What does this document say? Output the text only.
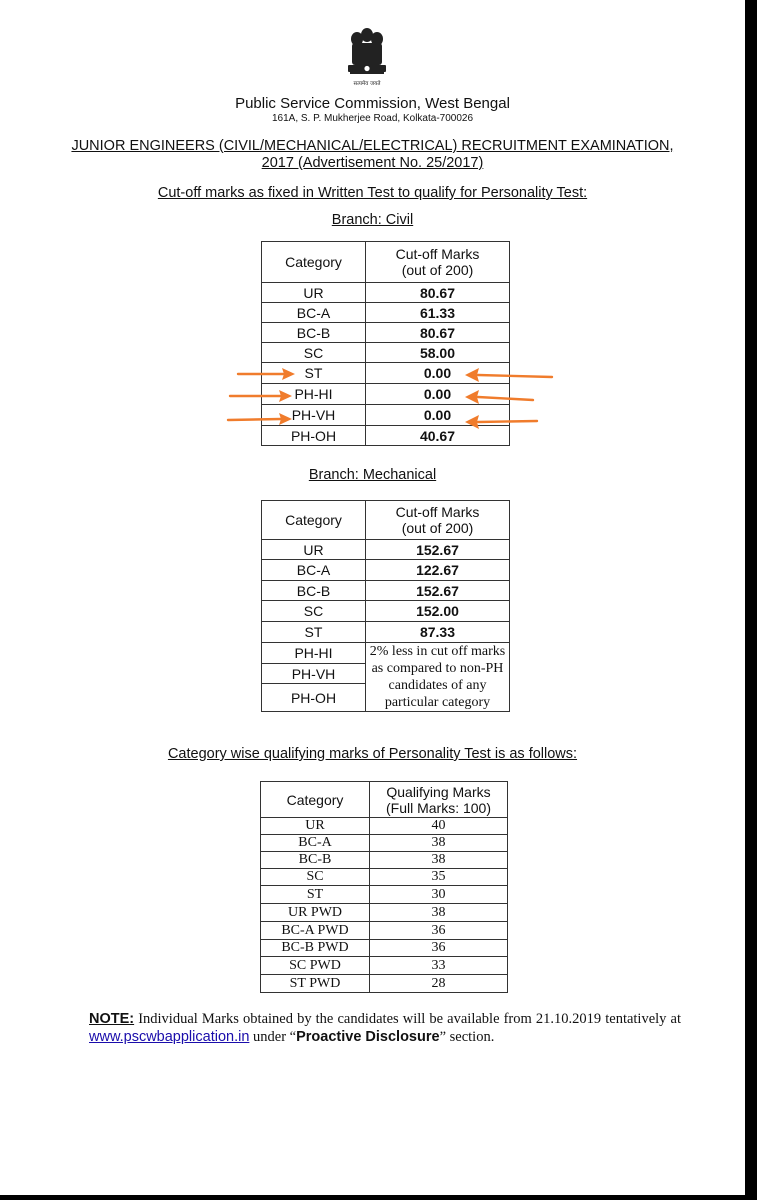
सत्यमेव जयते
Public Service Commission, West Bengal
161A, S. P. Mukherjee Road, Kolkata-700026
JUNIOR ENGINEERS (CIVIL/MECHANICAL/ELECTRICAL) RECRUITMENT EXAMINATION,
2017 (Advertisement No. 25/2017)
Cut-off marks as fixed in Written Test to qualify for Personality Test:
Branch: Civil
Category	Cut-off Marks
(out of 200)

UR	80.67
BC-A	61.33
BC-B	80.67
SC	58.00
ST	0.00
PH-HI	0.00
PH-VH	0.00
PH-OH	40.67
Branch: Mechanical
Category	Cut-off Marks
(out of 200)

UR	152.67
BC-A	122.67
BC-B	152.67
SC	152.00
ST	87.33
PH-HI	2% less in cut off marks as compared to non-PH candidates of any particular category
PH-VH	
PH-OH	
Category wise qualifying marks of Personality Test is as follows:
Category	Qualifying Marks
(Full Marks: 100)

UR	40
BC-A	38
BC-B	38
SC	35
ST	30
UR PWD	38
BC-A PWD	36
BC-B PWD	36
SC PWD	33
ST PWD	28
NOTE: Individual Marks obtained by the candidates will be available from 21.10.2019 tentatively at www.pscwbapplication.in under “Proactive Disclosure” section.
